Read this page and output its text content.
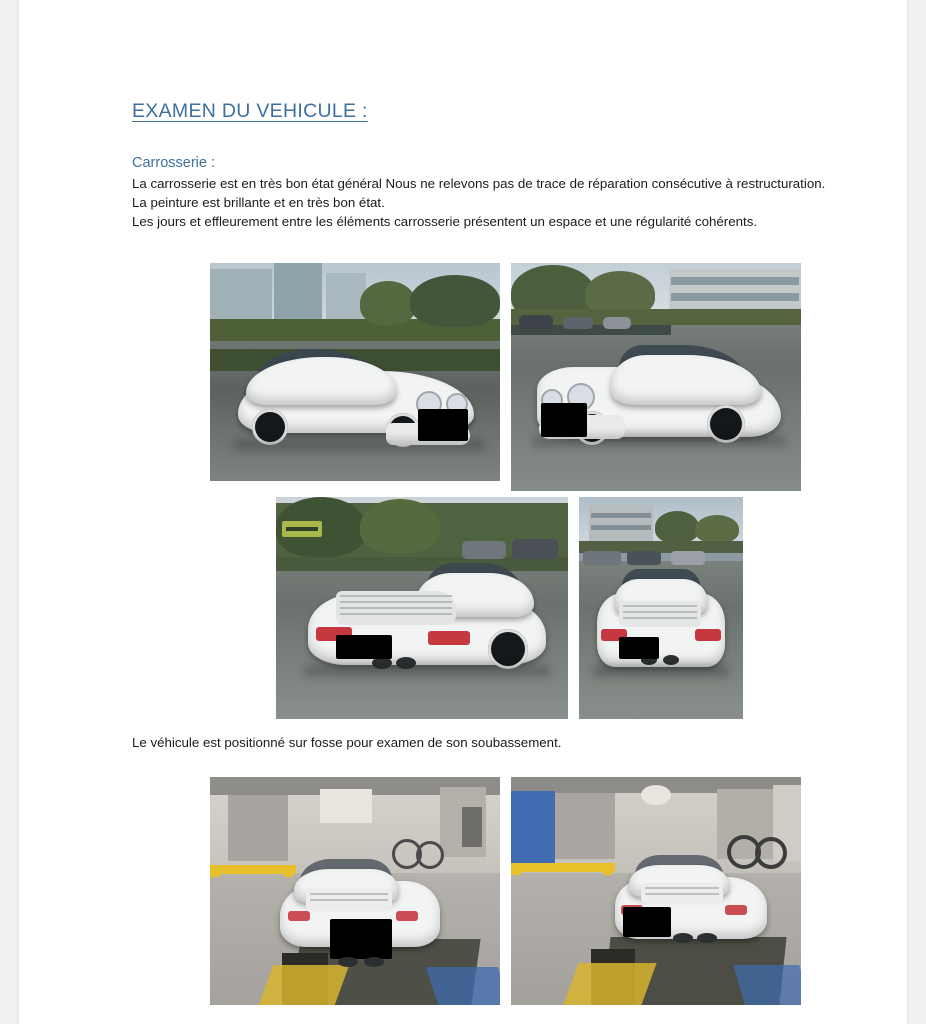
EXAMEN DU VEHICULE :
Carrosserie :

La carrosserie est en très bon état général Nous ne relevons pas de trace de réparation consécutive à restructuration. La peinture est brillante et en très bon état.

Les jours et effleurement entre les éléments carrosserie présentent un espace et une régularité cohérents.

Le véhicule est positionné sur fosse pour examen de son soubassement.
